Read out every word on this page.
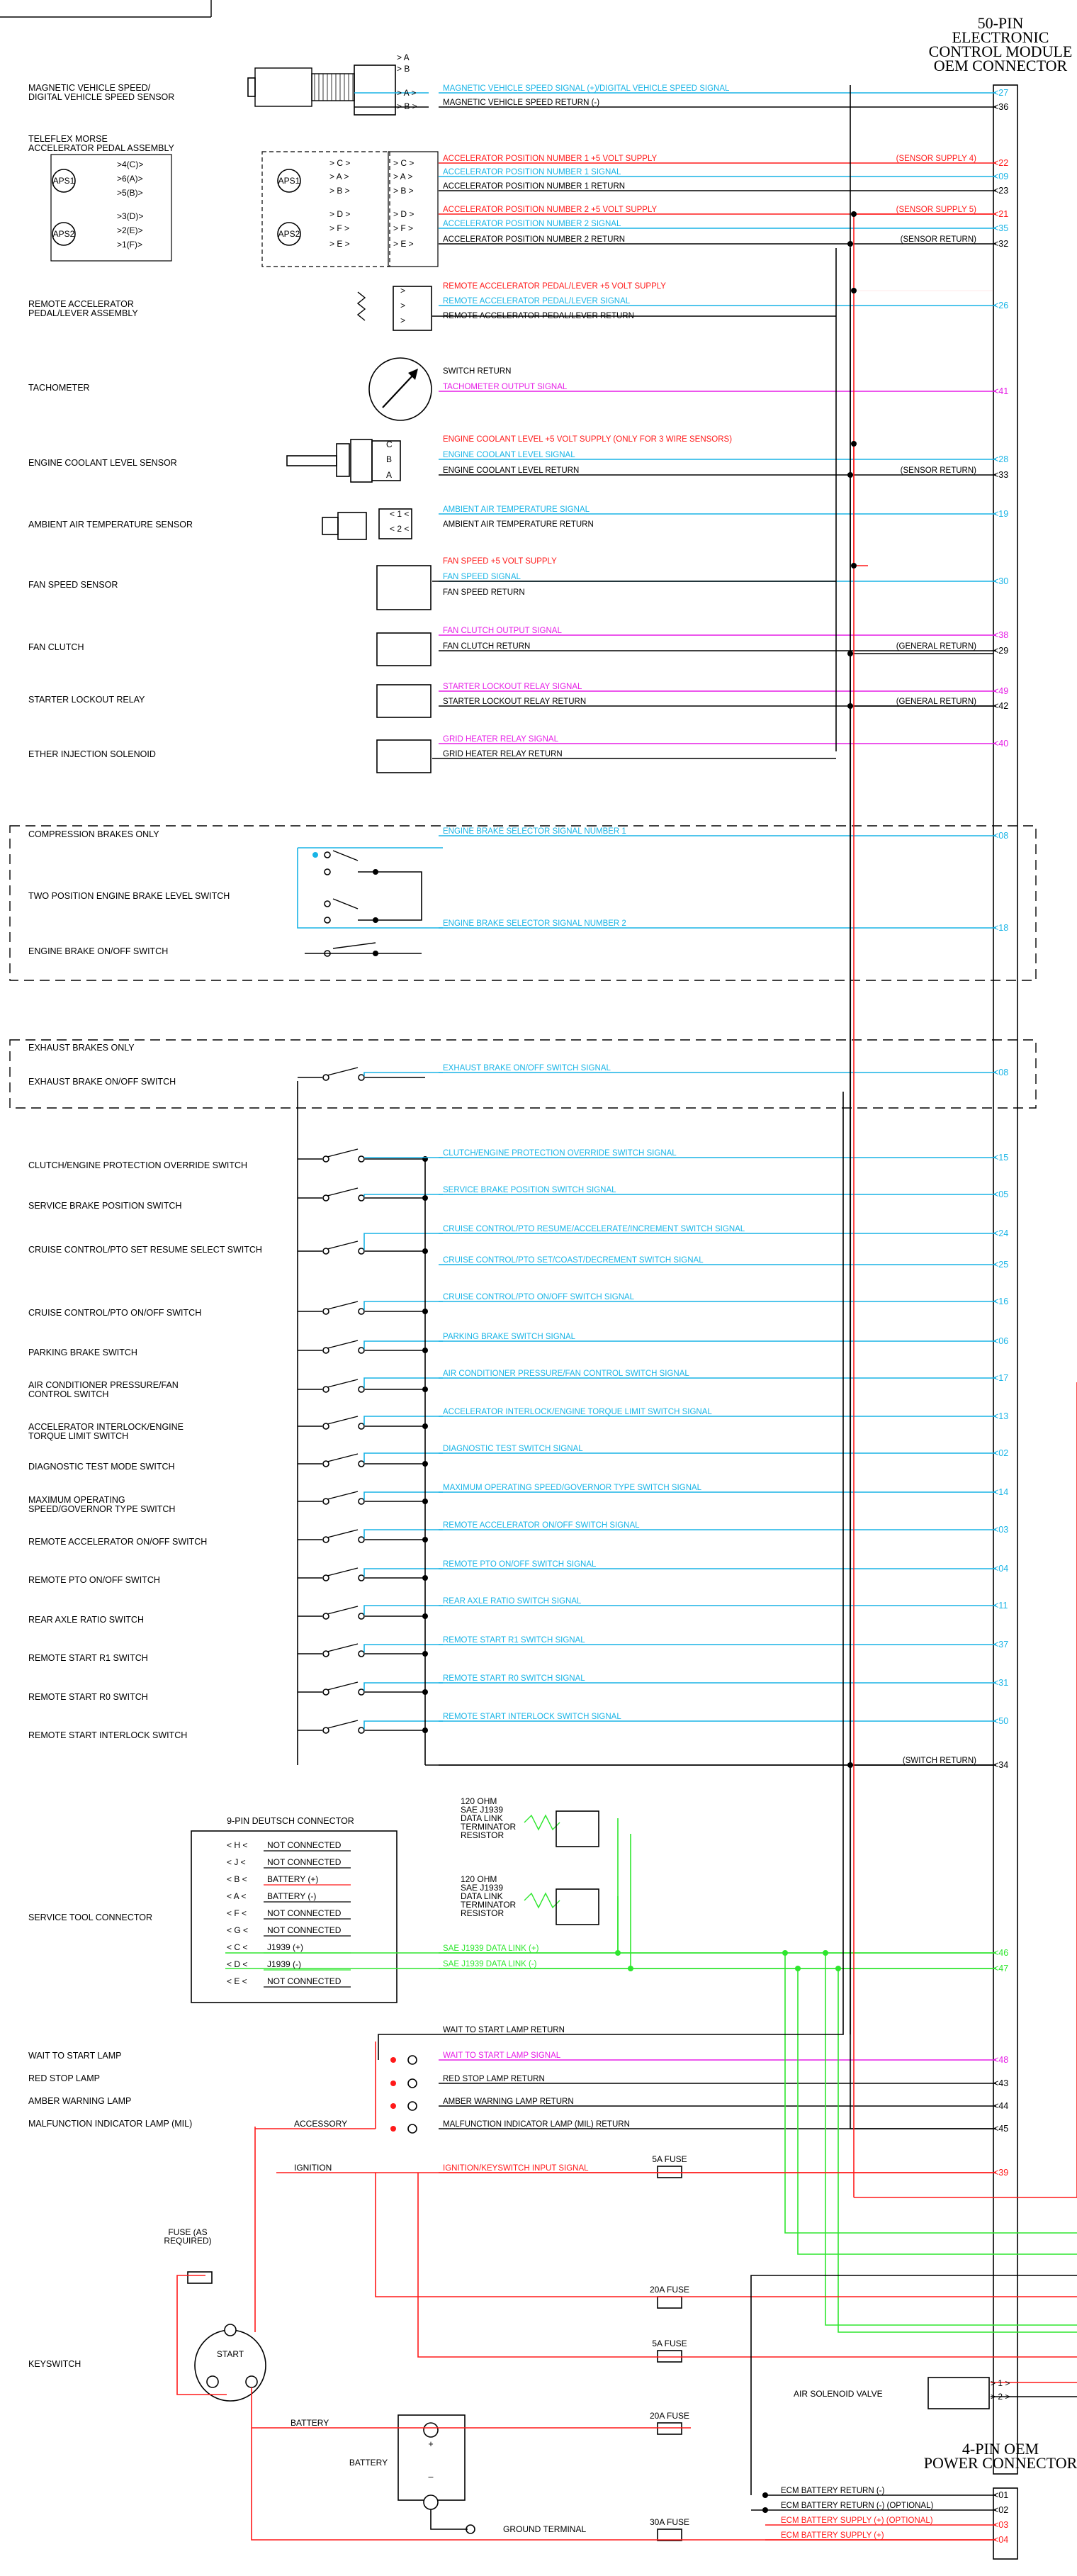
50-PIN
ELECTRONIC
CONTROL MODULE
OEM CONNECTOR
4-PIN OEM
POWER CONNECTOR
MAGNETIC VEHICLE SPEED/
DIGITAL VEHICLE SPEED SENSOR
TELEFLEX MORSE
ACCELERATOR PEDAL ASSEMBLY
REMOTE ACCELERATOR
PEDAL/LEVER ASSEMBLY
TACHOMETER
ENGINE COOLANT LEVEL SENSOR
AMBIENT AIR TEMPERATURE SENSOR
FAN SPEED SENSOR
FAN CLUTCH
STARTER LOCKOUT RELAY
ETHER INJECTION SOLENOID
COMPRESSION BRAKES ONLY
TWO POSITION ENGINE BRAKE LEVEL SWITCH
ENGINE BRAKE ON/OFF SWITCH
EXHAUST BRAKES ONLY
EXHAUST BRAKE ON/OFF SWITCH
CLUTCH/ENGINE PROTECTION OVERRIDE SWITCH
SERVICE BRAKE POSITION SWITCH
CRUISE CONTROL/PTO SET RESUME SELECT SWITCH
CRUISE CONTROL/PTO ON/OFF SWITCH
PARKING BRAKE SWITCH
AIR CONDITIONER PRESSURE/FAN
CONTROL SWITCH
ACCELERATOR INTERLOCK/ENGINE
TORQUE LIMIT SWITCH
DIAGNOSTIC TEST MODE SWITCH
MAXIMUM OPERATING
SPEED/GOVERNOR TYPE SWITCH
REMOTE ACCELERATOR ON/OFF SWITCH
REMOTE PTO ON/OFF SWITCH
REAR AXLE RATIO SWITCH
REMOTE START R1 SWITCH
REMOTE START R0 SWITCH
REMOTE START INTERLOCK SWITCH
SERVICE TOOL CONNECTOR
WAIT TO START LAMP
RED STOP LAMP
AMBER WARNING LAMP
MALFUNCTION INDICATOR LAMP (MIL)
KEYSWITCH
MAGNETIC VEHICLE SPEED SIGNAL (+)/DIGITAL VEHICLE SPEED SIGNAL	<27
MAGNETIC VEHICLE SPEED RETURN (-)	<36
ACCELERATOR POSITION NUMBER 1 +5 VOLT SUPPLY	(SENSOR SUPPLY 4) <22
ACCELERATOR POSITION NUMBER 1 SIGNAL	<09
ACCELERATOR POSITION NUMBER 1 RETURN	<23
ACCELERATOR POSITION NUMBER 2 +5 VOLT SUPPLY	(SENSOR SUPPLY 5) <21
ACCELERATOR POSITION NUMBER 2 SIGNAL	<35
ACCELERATOR POSITION NUMBER 2 RETURN	(SENSOR RETURN) <32
REMOTE ACCELERATOR PEDAL/LEVER +5 VOLT SUPPLY
REMOTE ACCELERATOR PEDAL/LEVER SIGNAL	<26
REMOTE ACCELERATOR PEDAL/LEVER RETURN
SWITCH RETURN
TACHOMETER OUTPUT SIGNAL	<41
ENGINE COOLANT LEVEL +5 VOLT SUPPLY (ONLY FOR 3 WIRE SENSORS)
ENGINE COOLANT LEVEL SIGNAL	<28
ENGINE COOLANT LEVEL RETURN	(SENSOR RETURN) <33
AMBIENT AIR TEMPERATURE SIGNAL	<19
AMBIENT AIR TEMPERATURE RETURN
FAN SPEED +5 VOLT SUPPLY
FAN SPEED SIGNAL	<30
FAN SPEED RETURN
FAN CLUTCH OUTPUT SIGNAL	<38
FAN CLUTCH RETURN	(GENERAL RETURN) <29
STARTER LOCKOUT RELAY SIGNAL	<49
STARTER LOCKOUT RELAY RETURN	(GENERAL RETURN) <42
GRID HEATER RELAY SIGNAL	<40
GRID HEATER RELAY RETURN
ENGINE BRAKE SELECTOR SIGNAL NUMBER 1	<08
ENGINE BRAKE SELECTOR SIGNAL NUMBER 2	<18
EXHAUST BRAKE ON/OFF SWITCH SIGNAL	<08
CLUTCH/ENGINE PROTECTION OVERRIDE SWITCH SIGNAL	<15
SERVICE BRAKE POSITION SWITCH SIGNAL	<05
CRUISE CONTROL/PTO RESUME/ACCELERATE/INCREMENT SWITCH SIGNAL	<24
CRUISE CONTROL/PTO SET/COAST/DECREMENT SWITCH SIGNAL	<25
CRUISE CONTROL/PTO ON/OFF SWITCH SIGNAL	<16
PARKING BRAKE SWITCH SIGNAL	<06
AIR CONDITIONER PRESSURE/FAN CONTROL SWITCH SIGNAL	<17
ACCELERATOR INTERLOCK/ENGINE TORQUE LIMIT SWITCH SIGNAL	<13
DIAGNOSTIC TEST SWITCH SIGNAL	<02
MAXIMUM OPERATING SPEED/GOVERNOR TYPE SWITCH SIGNAL	<14
REMOTE ACCELERATOR ON/OFF SWITCH SIGNAL	<03
REMOTE PTO ON/OFF SWITCH SIGNAL	<04
REAR AXLE RATIO SWITCH SIGNAL	<11
REMOTE START R1 SWITCH SIGNAL	<37
REMOTE START R0 SWITCH SIGNAL	<31
REMOTE START INTERLOCK SWITCH SIGNAL	<50
(SWITCH RETURN) <34
SAE J1939 DATA LINK (+)	<46
SAE J1939 DATA LINK (-)	<47
WAIT TO START LAMP RETURN
WAIT TO START LAMP SIGNAL	<48
RED STOP LAMP RETURN	<43
AMBER WARNING LAMP RETURN	<44
MALFUNCTION INDICATOR LAMP (MIL) RETURN	<45
IGNITION/KEYSWITCH INPUT SIGNAL	<39
> A
> B
> A >
> B >
APS1
APS2
>4(C)>
>6(A)>
>5(B)>
>3(D)>
>2(E)>
>1(F)>
APS1
APS2
> C >	> C >
> A >	> A >
> B >	> B >
> D >	> D >
> F >	> F >
> E >	> E >
>
>
>
C
B
A
< 1 <
< 2 <
9-PIN DEUTSCH CONNECTOR
< H < NOT CONNECTED
< J <	NOT CONNECTED
< B < BATTERY (+)
< A < BATTERY (-)
< F < NOT CONNECTED
< G < NOT CONNECTED
< C < J1939 (+)
< D < J1939 (-)
< E < NOT CONNECTED
120 OHM
SAE J1939
DATA LINK
TERMINATOR
RESISTOR
120 OHM
SAE J1939
DATA LINK
TERMINATOR
RESISTOR
ACCESSORY
IGNITION
BATTERY
START
FUSE (AS
REQUIRED)
5A FUSE
20A FUSE
5A FUSE
20A FUSE
30A FUSE
BATTERY
+
–
GROUND TERMINAL
ECM BATTERY RETURN (-)	<01
ECM BATTERY RETURN (-) (OPTIONAL)	<02
ECM BATTERY SUPPLY (+) (OPTIONAL)	<03
ECM BATTERY SUPPLY (+)	<04
AIR SOLENOID VALVE
> 1 >
> 2 >
